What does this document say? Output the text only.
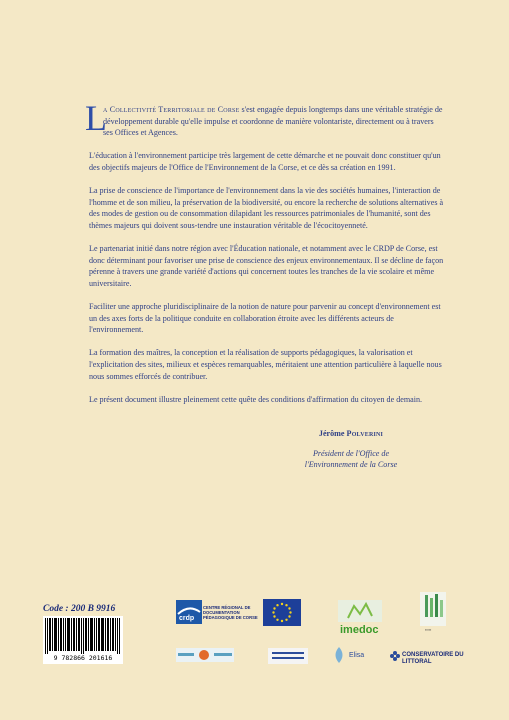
L
a Collectivité Territoriale de Corse s'est engagée depuis longtemps dans une véritable stratégie de développement durable qu'elle impulse et coordonne de manière volontariste, directement ou à travers ses Offices et Agences.

L'éducation à l'environnement participe très largement de cette démarche et ne pouvait donc constituer qu'un des objectifs majeurs de l'Office de l'Environnement de la Corse, et ce dès sa création en 1991.

La prise de conscience de l'importance de l'environnement dans la vie des sociétés humaines, l'interaction de l'homme et de son milieu, la préservation de la biodiversité, ou encore la recherche de solutions alternatives à des modes de gestion ou de consommation dilapidant les ressources patrimoniales de l'humanité, sont des thèmes majeurs qui doivent sous-tendre une instauration véritable de l'écocitoyenneté.

Le partenariat initié dans notre région avec l'Éducation nationale, et notamment avec le CRDP de Corse, est donc déterminant pour favoriser une prise de conscience des enjeux environnementaux. Il se décline de façon pérenne à travers une grande variété d'actions qui concernent toutes les tranches de la vie scolaire et même universitaire.

Faciliter une approche pluridisciplinaire de la notion de nature pour parvenir au concept d'environnement est un des axes forts de la politique conduite en collaboration étroite avec les différents acteurs de l'environnement.

La formation des maîtres, la conception et la réalisation de supports pédagogiques, la valorisation et l'explicitation des sites, milieux et espèces remarquables, méritaient une attention particulière à laquelle nous nous sommes efforcés de contribuer.

Le présent document illustre pleinement cette quête des conditions d'affirmation du citoyen de demain.

Jérôme Polverini
Président de l'Office de
l'Environnement de la Corse
Code : 200 B 9916
9 782866 201616
crdp
CENTRE RÉGIONAL DE DOCUMENTATION PÉDAGOGIQUE DE CORSE
imedoc	▪▪▪▪▪
Elisa	CONSERVATOIRE DU LITTORAL
